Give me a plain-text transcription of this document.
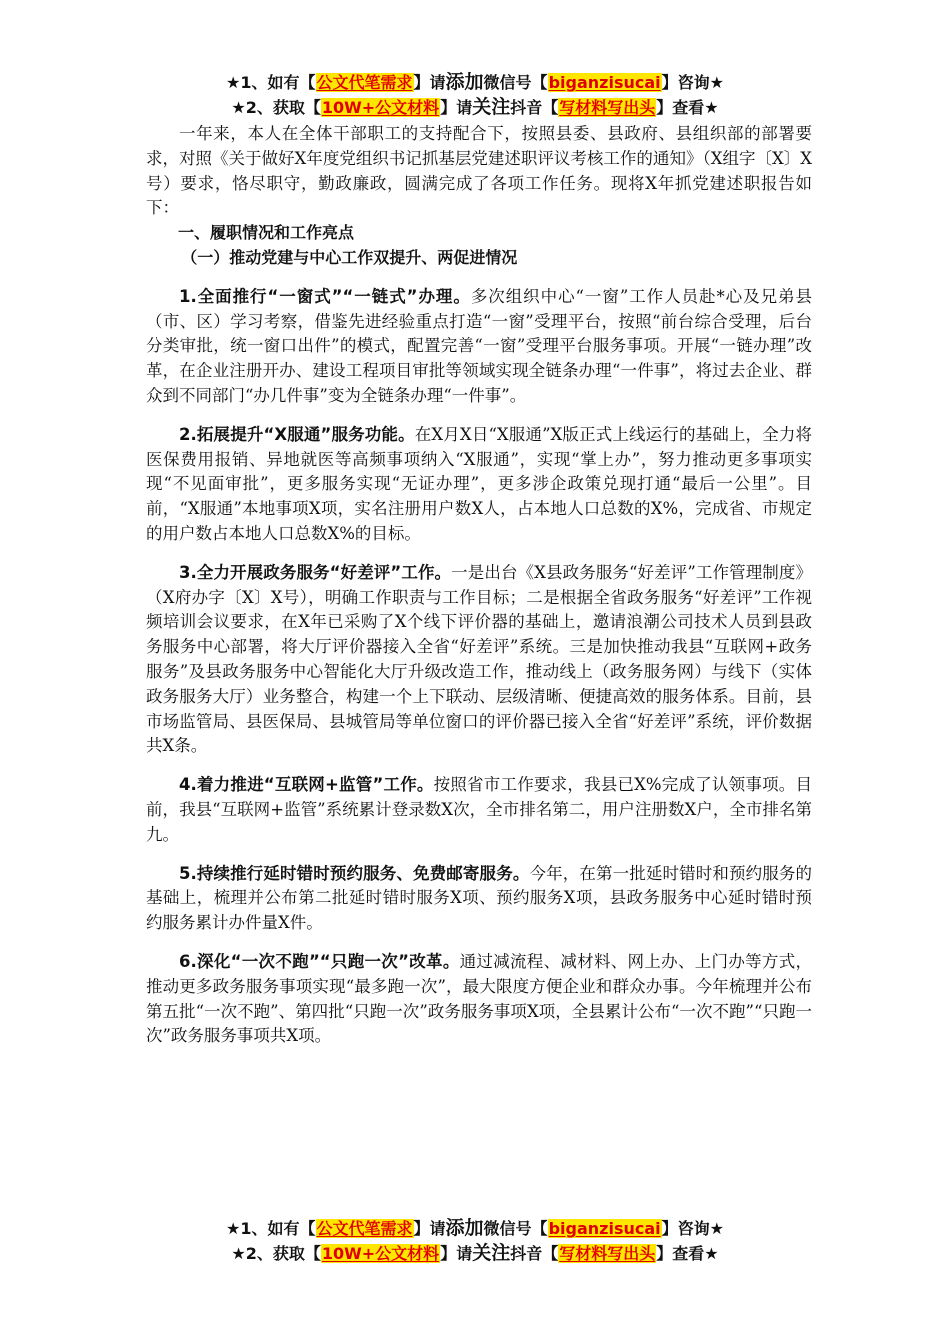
★1、如有【公文代笔需求】请添加微信号【biganzisucai】咨询★
★2、获取【10W+公文材料】请关注抖音【写材料写出头】查看★

一年来，本人在全体干部职工的支持配合下，按照县委、县政府、县组织部的部署要求，对照《关于做好X年度党组织书记抓基层党建述职评议考核工作的通知》（X组字〔X〕X号）要求，恪尽职守，勤政廉政，圆满完成了各项工作任务。现将X年抓党建述职报告如下：

一、履职情况和工作亮点

（一）推动党建与中心工作双提升、两促进情况

1.全面推行“一窗式”“一链式”办理。多次组织中心“一窗”工作人员赴*心及兄弟县（市、区）学习考察，借鉴先进经验重点打造“一窗”受理平台，按照“前台综合受理，后台分类审批，统一窗口出件”的模式，配置完善“一窗”受理平台服务事项。开展“一链办理”改革，在企业注册开办、建设工程项目审批等领域实现全链条办理“一件事”，将过去企业、群众到不同部门“办几件事”变为全链条办理“一件事”。

2.拓展提升“X服通”服务功能。在X月X日“X服通”X版正式上线运行的基础上，全力将医保费用报销、异地就医等高频事项纳入“X服通”，实现“掌上办”，努力推动更多事项实现“不见面审批”，更多服务实现“无证办理”，更多涉企政策兑现打通“最后一公里”。目前，“X服通”本地事项X项，实名注册用户数X人，占本地人口总数的X%，完成省、市规定的用户数占本地人口总数X%的目标。

3.全力开展政务服务“好差评”工作。一是出台《X县政务服务“好差评”工作管理制度》（X府办字〔X〕X号），明确工作职责与工作目标；二是根据全省政务服务“好差评”工作视频培训会议要求，在X年已采购了X个线下评价器的基础上，邀请浪潮公司技术人员到县政务服务中心部署，将大厅评价器接入全省“好差评”系统。三是加快推动我县“互联网+政务服务”及县政务服务中心智能化大厅升级改造工作，推动线上（政务服务网）与线下（实体政务服务大厅）业务整合，构建一个上下联动、层级清晰、便捷高效的服务体系。目前，县市场监管局、县医保局、县城管局等单位窗口的评价器已接入全省“好差评”系统，评价数据共X条。

4.着力推进“互联网+监管”工作。按照省市工作要求，我县已X%完成了认领事项。目前，我县“互联网+监管”系统累计登录数X次，全市排名第二，用户注册数X户，全市排名第九。

5.持续推行延时错时预约服务、免费邮寄服务。今年，在第一批延时错时和预约服务的基础上，梳理并公布第二批延时错时服务X项、预约服务X项，县政务服务中心延时错时预约服务累计办件量X件。

6.深化“一次不跑”“只跑一次”改革。通过减流程、减材料、网上办、上门办等方式，推动更多政务服务事项实现“最多跑一次”，最大限度方便企业和群众办事。今年梳理并公布第五批“一次不跑”、第四批“只跑一次”政务服务事项X项，全县累计公布“一次不跑”“只跑一次”政务服务事项共X项。

★1、如有【公文代笔需求】请添加微信号【biganzisucai】咨询★
★2、获取【10W+公文材料】请关注抖音【写材料写出头】查看★
